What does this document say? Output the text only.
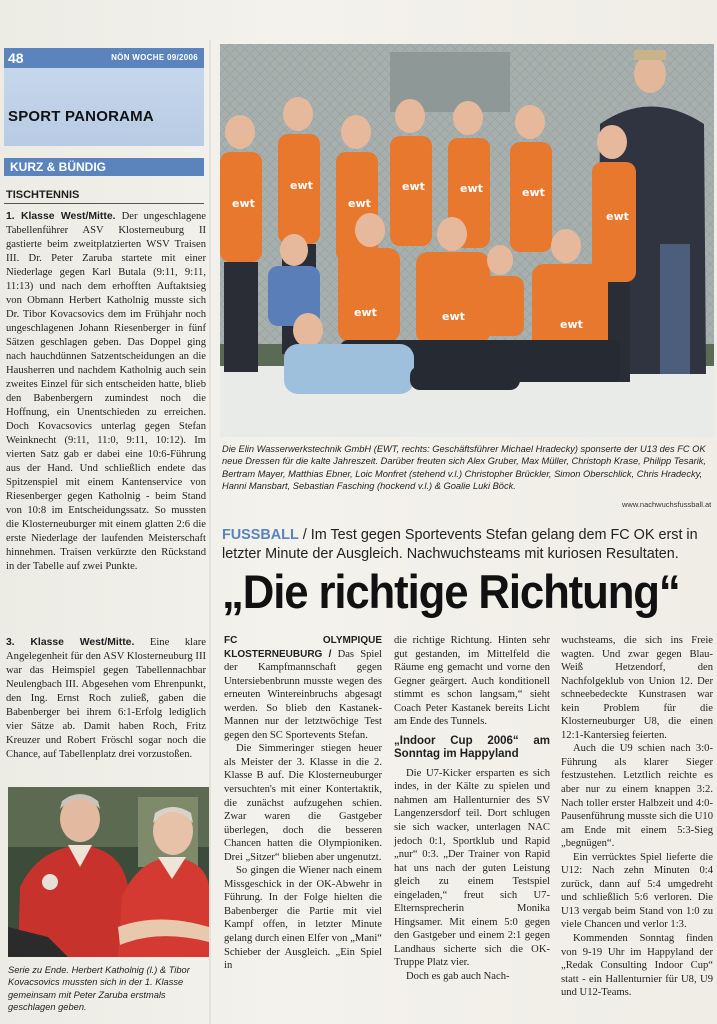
48	NÖN WOCHE 09/2006
SPORT PANORAMA
KURZ & BÜNDIG
TISCHTENNIS

1. Klasse West/Mitte. Der ungeschlagene Tabellenführer ASV Klosterneuburg II gastierte beim zweitplatzierten WSV Traisen III. Dr. Peter Zaruba startete mit einer Niederlage gegen Karl Butala (9:11, 9:11, 11:13) und nach dem erhofften Auftaktsieg von Obmann Herbert Katholnig musste sich Dr. Tibor Kovacsovics dem im Frühjahr noch ungeschlagenen Johann Riesenberger in fünf Sätzen geschlagen geben. Das Doppel ging nach hauchdünnen Satzentscheidungen an die Hausherren und nachdem Katholnig auch sein zweites Einzel für sich entscheiden hatte, blieb den Babenbergern zumindest noch die Hoffnung, ein Unentschieden zu erreichen. Doch Kovacsovics unterlag gegen Stefan Weinknecht (9:11, 11:0, 9:11, 10:12). Im vierten Satz gab er dabei eine 10:6-Führung aus der Hand. Und schließlich endete das Spitzenspiel mit einem Kantenservice von Riesenberger gegen Katholnig - beim Stand von 10:8 im Entscheidungssatz. So mussten die Klosterneuburger mit einem glatten 2:6 die erste Niederlage der laufenden Meisterschaft hinnehmen. Traisen verkürzte den Rückstand in der Tabelle auf zwei Punkte.

3. Klasse West/Mitte. Eine klare Angelegenheit für den ASV Klosterneuburg III war das Heimspiel gegen Tabellennachbar Neulengbach III. Abgesehen vom Ehrenpunkt, den Ing. Ernst Roch zuließ, gaben die Babenberger bei ihrem 6:1-Erfolg lediglich vier Sätze ab. Damit haben Roch, Fritz Kreuzer und Robert Fröschl sogar noch die Chance, auf Tabellenplatz drei vorzustoßen.

Serie zu Ende. Herbert Katholnig (l.) & Tibor Kovacsovics mussten sich in der 1. Klasse gemeinsam mit Peter Zaruba erstmals geschlagen geben.

ewt
ewt
ewt
ewt	ewt	ewt
ewt
ewt	ewt
ewt

Die Elin Wasserwerkstechnik GmbH (EWT, rechts: Geschäftsführer Michael Hradecky) sponserte der U13 des FC OK neue Dressen für die kalte Jahreszeit. Darüber freuten sich Alex Gruber, Max Müller, Christoph Krase, Philipp Tesarik, Bertram Mayer, Matthias Ebner, Loic Monfret (stehend v.l.) Christopher Brückler, Simon Oberschlick, Chris Hradecky, Hanni Mansbart, Sebastian Fasching (hockend v.l.) & Goalie Luki Böck.

www.nachwuchsfussball.at

FUSSBALL / Im Test gegen Sportevents Stefan gelang dem FC OK erst in letzter Minute der Ausgleich. Nachwuchsteams mit kuriosen Resultaten.

„Die richtige Richtung“

FC OLYMPIQUE KLOSTERNEUBURG / Das Spiel der Kampfmannschaft gegen Untersiebenbrunn musste wegen des erneuten Wintereinbruchs abgesagt werden. So blieb den Kastanek-Mannen nur der letztwöchige Test gegen den SC Sportevents Stefan.

Die Simmeringer stiegen heuer als Meister der 3. Klasse in die 2. Klasse B auf. Die Klosterneuburger versuchten's mit einer Kontertaktik, die zunächst aufzugehen schien. Zwar waren die Gastgeber überlegen, doch die besseren Chancen hatten die Olympioniken. Drei „Sitzer“ blieben aber ungenutzt.

So gingen die Wiener nach einem Missgeschick in der OK-Abwehr in Führung. In der Folge hielten die Babenberger die Partie mit viel Kampf offen, in letzter Minute gelang durch einen Elfer von „Mani“ Schieber der Ausgleich. „Ein Spiel in

die richtige Richtung. Hinten sehr gut gestanden, im Mittelfeld die Räume eng gemacht und vorne den Gegner geärgert. Auch konditionell stimmt es schon langsam,“ sieht Coach Peter Kastanek bereits Licht am Ende des Tunnels.

„Indoor Cup 2006“ am Sonntag im Happyland

Die U7-Kicker ersparten es sich indes, in der Kälte zu spielen und nahmen am Hallenturnier des SV Langenzersdorf teil. Dort schlugen sie sich wacker, unterlagen NAC jedoch 0:1, Sportklub und Rapid „nur“ 0:3. „Der Trainer von Rapid hat uns nach der guten Leistung gleich zu einem Testspiel eingeladen,“ freut sich U7-Elternsprecherin Monika Hingsamer. Mit einem 5:0 gegen den Gastgeber und einem 2:1 gegen Landhaus sicherte sich die OK-Truppe Platz vier.

Doch es gab auch Nach-

wuchsteams, die sich ins Freie wagten. Und zwar gegen Blau-Weiß Hetzendorf, den Nachfolgeklub von Union 12. Der schneebedeckte Kunstrasen war kein Problem für die Klosterneuburger U8, die einen 12:1-Kantersieg feierten.

Auch die U9 schien nach 3:0-Führung als klarer Sieger festzustehen. Letztlich reichte es aber nur zu einem knappen 3:2. Nach toller erster Halbzeit und 4:0-Pausenführung musste sich die U10 am Ende mit einem 5:3-Sieg „begnügen“.

Ein verrücktes Spiel lieferte die U12: Nach zehn Minuten 0:4 zurück, dann auf 5:4 umgedreht und schließlich 5:6 verloren. Die U13 vergab beim Stand von 1:0 zu viele Chancen und verlor 1:3.

Kommenden Sonntag finden von 9-19 Uhr im Happyland der „Redak Consulting Indoor Cup“ statt - ein Hallenturnier für U8, U9 und U12-Teams.
